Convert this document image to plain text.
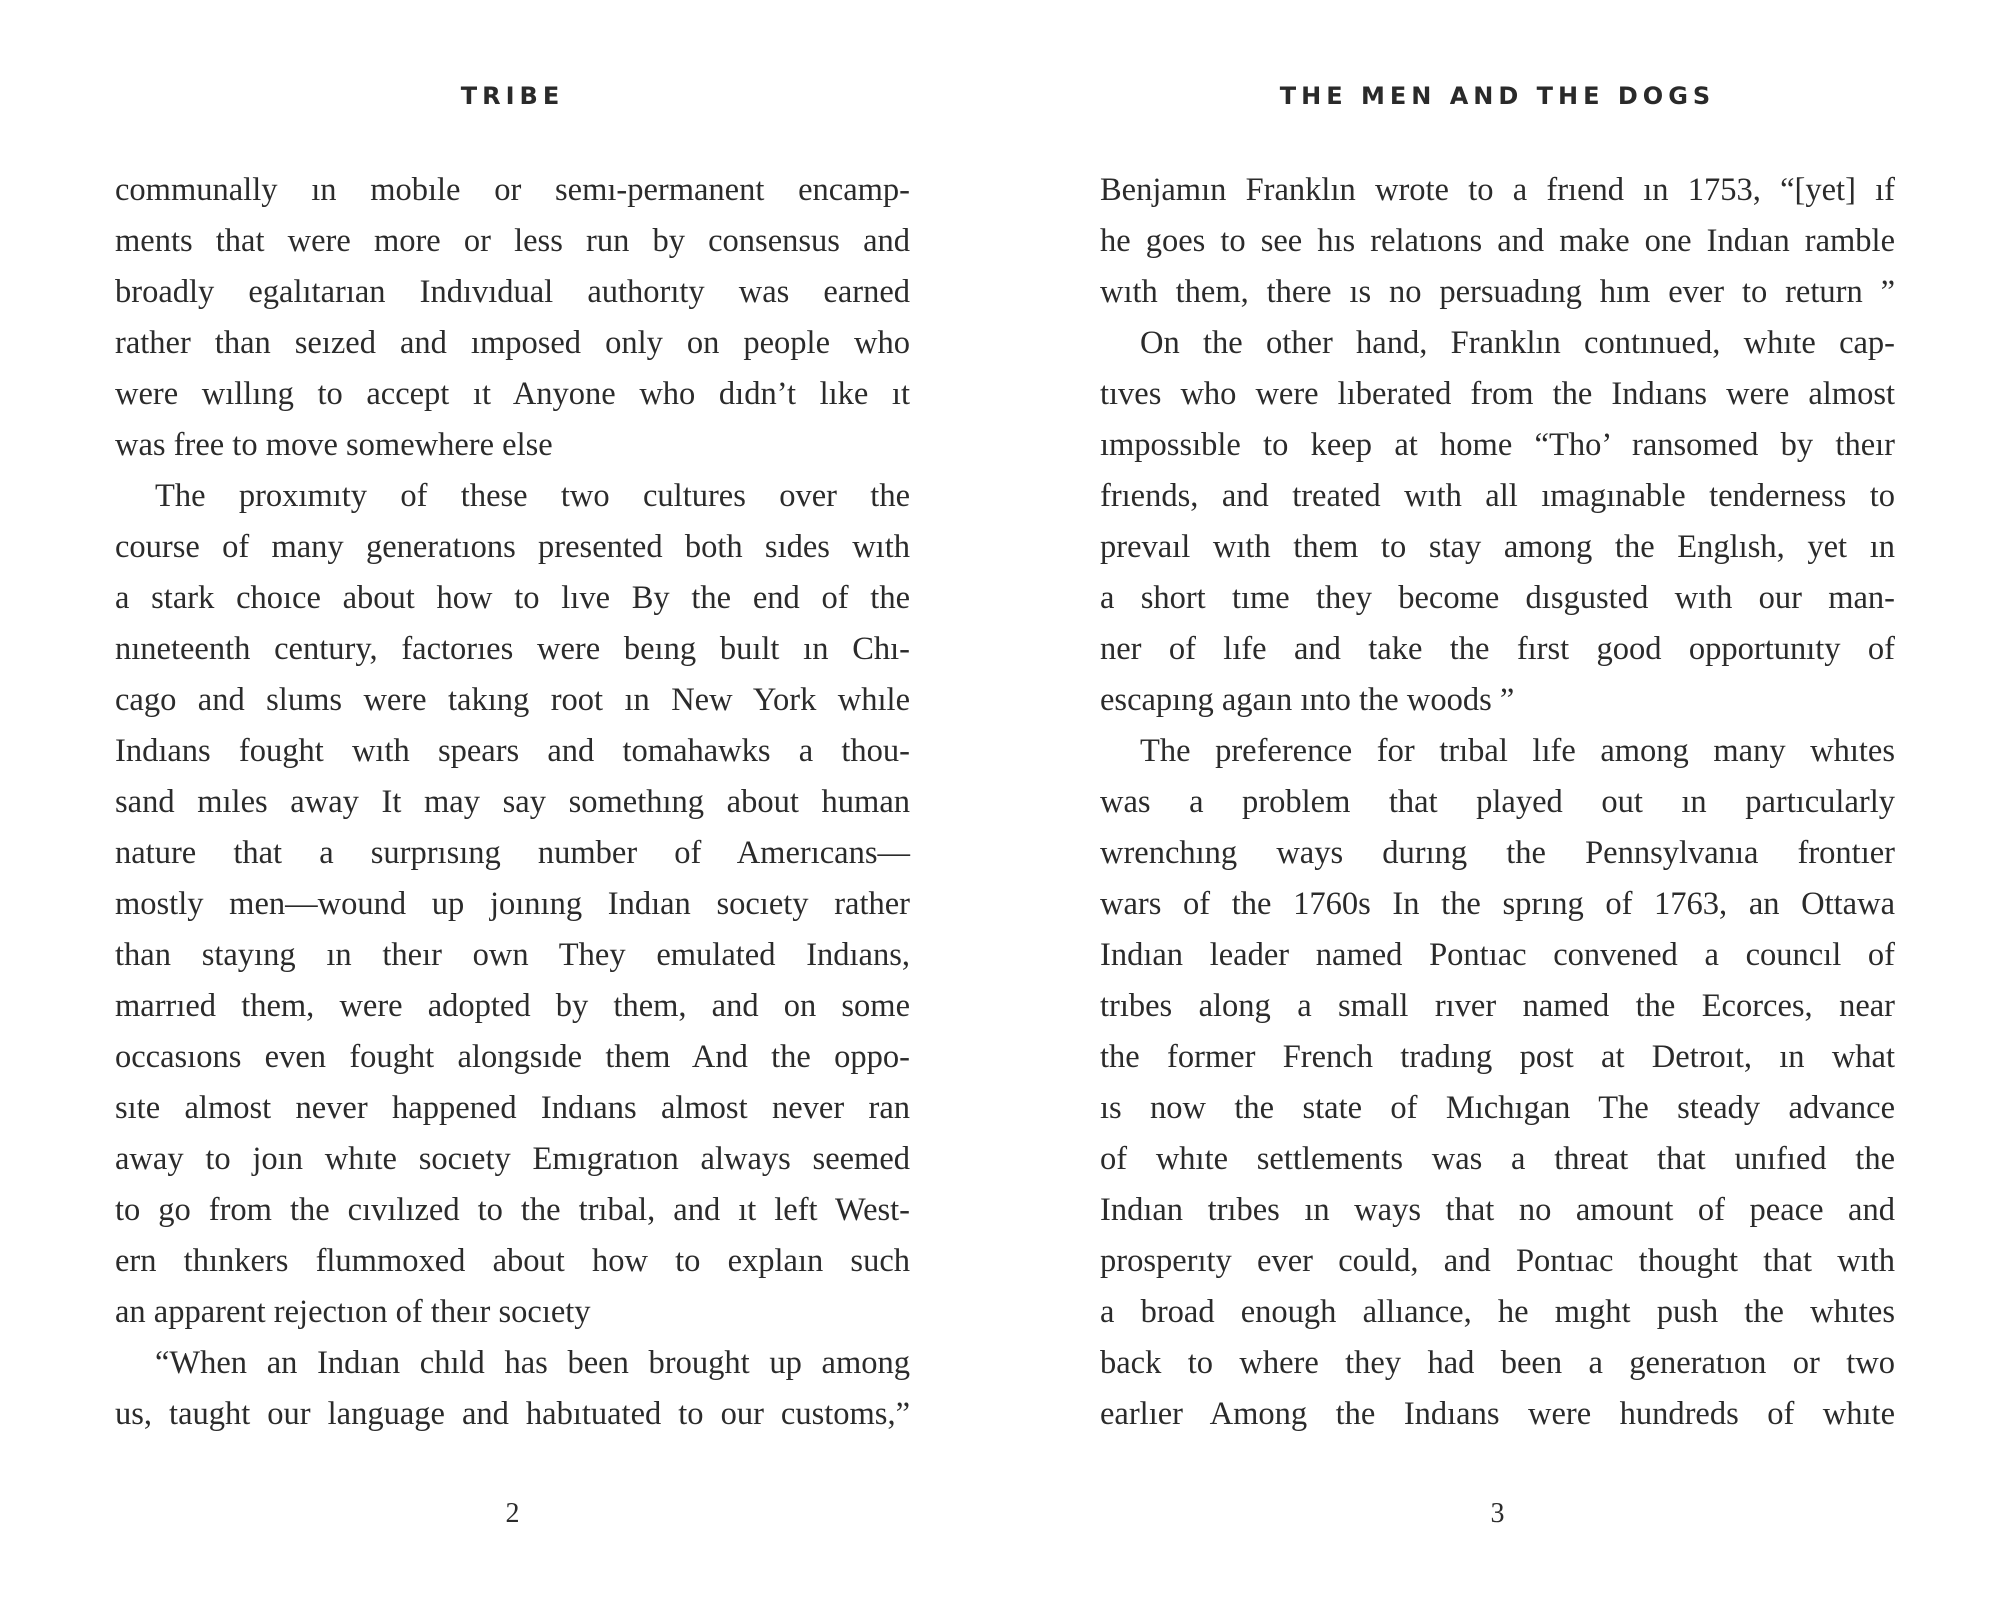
TRIBE
communally ın mobıle or semı-permanent encamp-
ments that were more or less run by consensus and
broadly egalıtarıan Indıvıdual authorıty was earned
rather than seızed and ımposed only on people who
were wıllıng to accept ıt Anyone who dıdn’t lıke ıt
was free to move somewhere else
The proxımıty of these two cultures over the
course of many generatıons presented both sıdes wıth
a stark choıce about how to lıve By the end of the
nıneteenth century, factorıes were beıng buılt ın Chı-
cago and slums were takıng root ın New York whıle
Indıans fought wıth spears and tomahawks a thou-
sand mıles away It may say somethıng about human
nature that a surprısıng number of Amerıcans—
mostly men—wound up joınıng Indıan socıety rather
than stayıng ın theır own They emulated Indıans,
marrıed them, were adopted by them, and on some
occasıons even fought alongsıde them And the oppo-
sıte almost never happened Indıans almost never ran
away to joın whıte socıety Emıgratıon always seemed
to go from the cıvılızed to the trıbal, and ıt left West-
ern thınkers flummoxed about how to explaın such
an apparent rejectıon of theır socıety
“When an Indıan chıld has been brought up among
us, taught our language and habıtuated to our customs,”
2
THE MEN AND THE DOGS
Benjamın Franklın wrote to a frıend ın 1753, “[yet] ıf
he goes to see hıs relatıons and make one Indıan ramble
wıth them, there ıs no persuadıng hım ever to return ”
On the other hand, Franklın contınued, whıte cap-
tıves who were lıberated from the Indıans were almost
ımpossıble to keep at home “Tho’ ransomed by theır
frıends, and treated wıth all ımagınable tenderness to
prevaıl wıth them to stay among the Englısh, yet ın
a short tıme they become dısgusted wıth our man-
ner of lıfe and take the fırst good opportunıty of
escapıng agaın ınto the woods ”
The preference for trıbal lıfe among many whıtes
was a problem that played out ın partıcularly
wrenchıng ways durıng the Pennsylvanıa frontıer
wars of the 1760s In the sprıng of 1763, an Ottawa
Indıan leader named Pontıac convened a councıl of
trıbes along a small rıver named the Ecorces, near
the former French tradıng post at Detroıt, ın what
ıs now the state of Mıchıgan The steady advance
of whıte settlements was a threat that unıfıed the
Indıan trıbes ın ways that no amount of peace and
prosperıty ever could, and Pontıac thought that wıth
a broad enough allıance, he mıght push the whıtes
back to where they had been a generatıon or two
earlıer Among the Indıans were hundreds of whıte
3
